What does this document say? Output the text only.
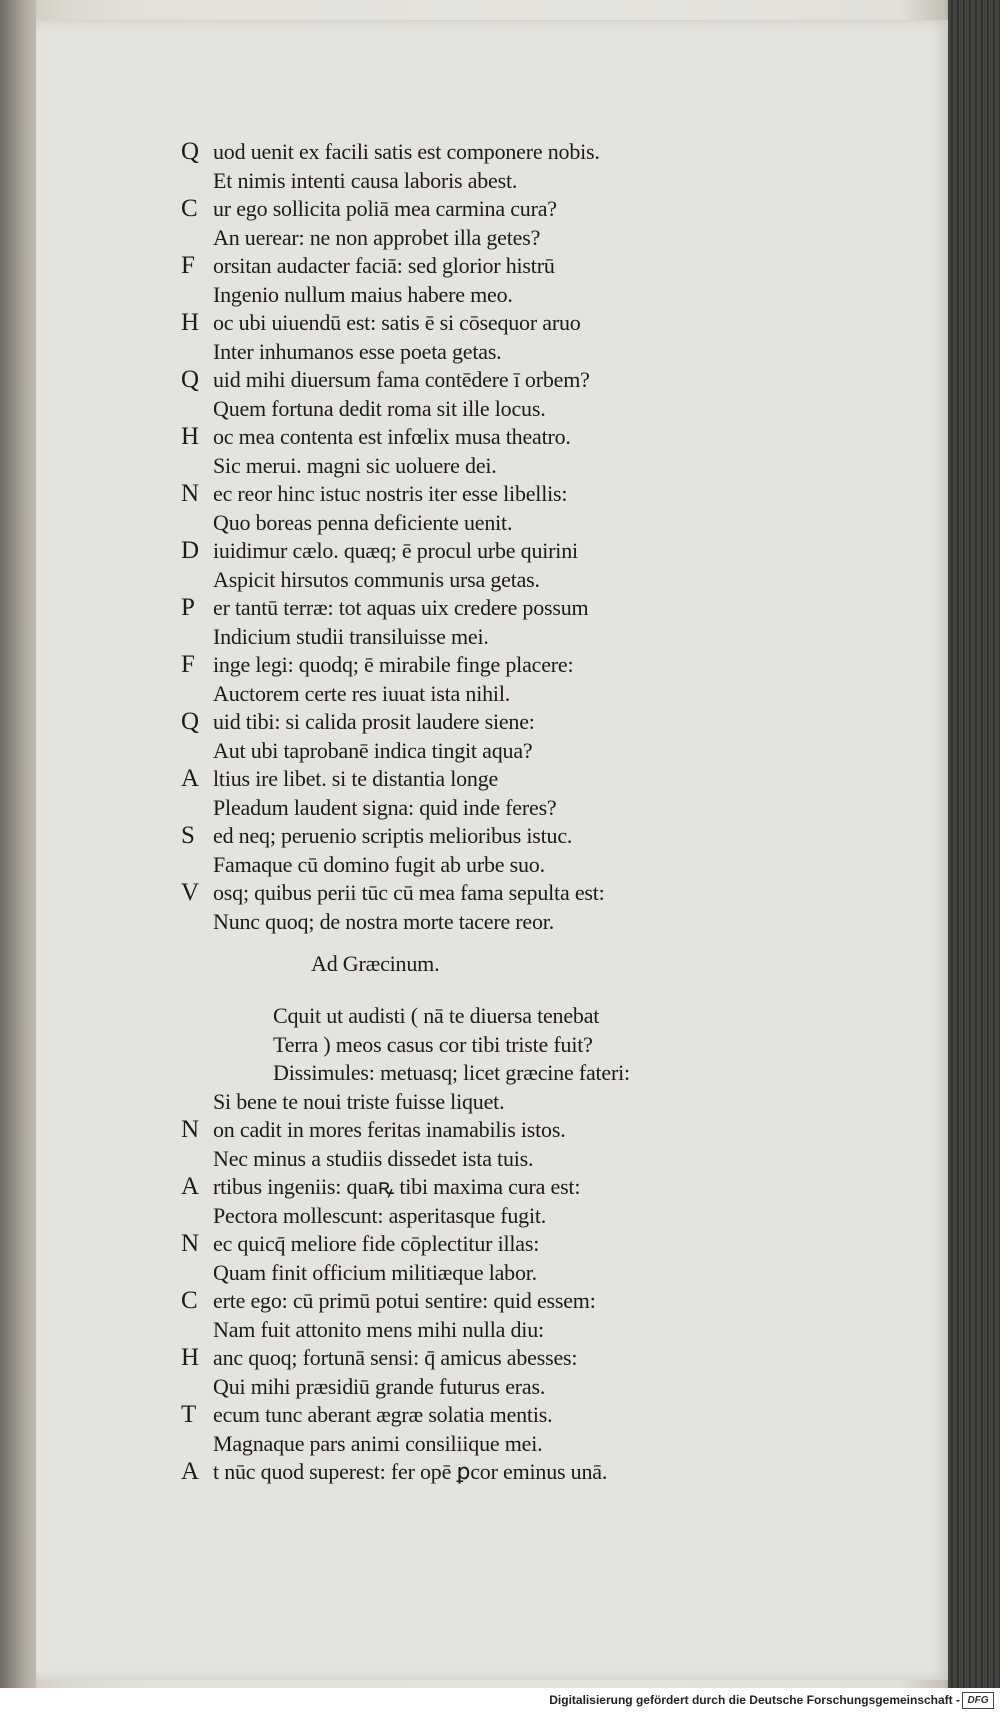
Q uod uenit ex facili satis est componere nobis.
Et nimis intenti causa laboris abest.
C ur ego sollicita poliā mea carmina cura?
An uerear: ne non approbet illa getes?
F orsitan audacter faciā: sed glorior histrū
Ingenio nullum maius habere meo.
H oc ubi uiuendū est: satis ē si cōsequor aruo
Inter inhumanos esse poeta getas.
Q uid mihi diuersum fama contēdere ī orbem?
Quem fortuna dedit roma sit ille locus.
H oc mea contenta est infœlix musa theatro.
Sic merui. magni sic uoluere dei.
N ec reor hinc istuc nostris iter esse libellis:
Quo boreas penna deficiente uenit.
D iuidimur cælo. quæq; ē procul urbe quirini
Aspicit hirsutos communis ursa getas.
P er tantū terræ: tot aquas uix credere possum
Indicium studii transiluisse mei.
F inge legi: quodq; ē mirabile finge placere:
Auctorem certe res iuuat ista nihil.
Q uid tibi: si calida prosit laudere siene:
Aut ubi taprobanē indica tingit aqua?
A ltius ire libet. si te distantia longe
Pleadum laudent signa: quid inde feres?
S ed neq; peruenio scriptis melioribus istuc.
Famaque cū domino fugit ab urbe suo.
V osq; quibus perii tūc cū mea fama sepulta est:
Nunc quoq; de nostra morte tacere reor.
Ad Græcinum.
Cquit ut audisti ( nā te diuersa tenebat
Terra ) meos casus cor tibi triste fuit?
Dissimules: metuasq; licet græcine fateri:
Si bene te noui triste fuisse liquet.
N on cadit in mores feritas inamabilis istos.
Nec minus a studiis dissedet ista tuis.
A rtibus ingeniis: quaꝶ tibi maxima cura est:
Pectora mollescunt: asperitasque fugit.
N ec quicq̄ meliore fide cōplectitur illas:
Quam finit officium militiæque labor.
C erte ego: cū primū potui sentire: quid essem:
Nam fuit attonito mens mihi nulla diu:
H anc quoq; fortunā sensi: q̄ amicus abesses:
Qui mihi præsidiū grande futurus eras.
T ecum tunc aberant ægræ solatia mentis.
Magnaque pars animi consiliique mei.
A t nūc quod superest: fer opē ꝑcor eminus unā.
Digitalisierung gefördert durch die Deutsche Forschungsgemeinschaft - DFG
